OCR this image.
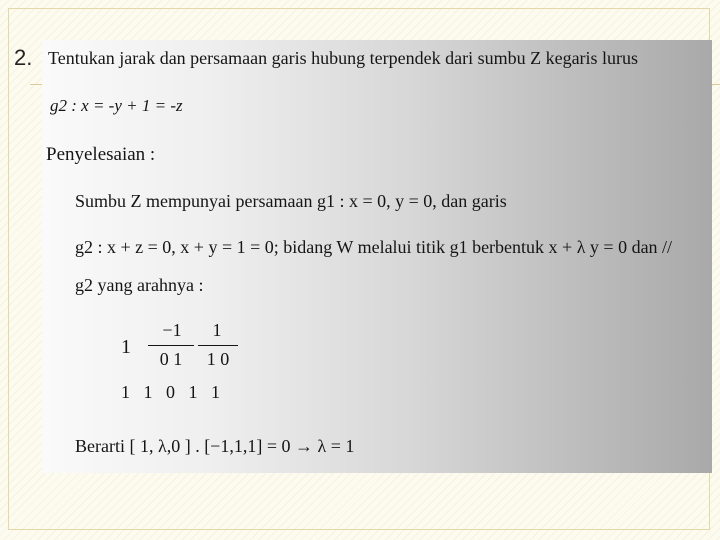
2. Tentukan jarak dan persamaan garis hubung terpendek dari sumbu Z kegaris lurus
g2 : x = -y + 1 = -z
Penyelesaian :
Sumbu Z mempunyai persamaan g1 : x = 0, y = 0, dan garis
g2 : x + z = 0, x + y = 1 = 0; bidang W melalui titik g1 berbentuk x + λ y = 0 dan //
g2 yang arahnya :
1
−1
0 1
1
1 0
1   1   0   1   1
Berarti [ 1, λ,0 ] . [−1,1,1] = 0 → λ = 1
